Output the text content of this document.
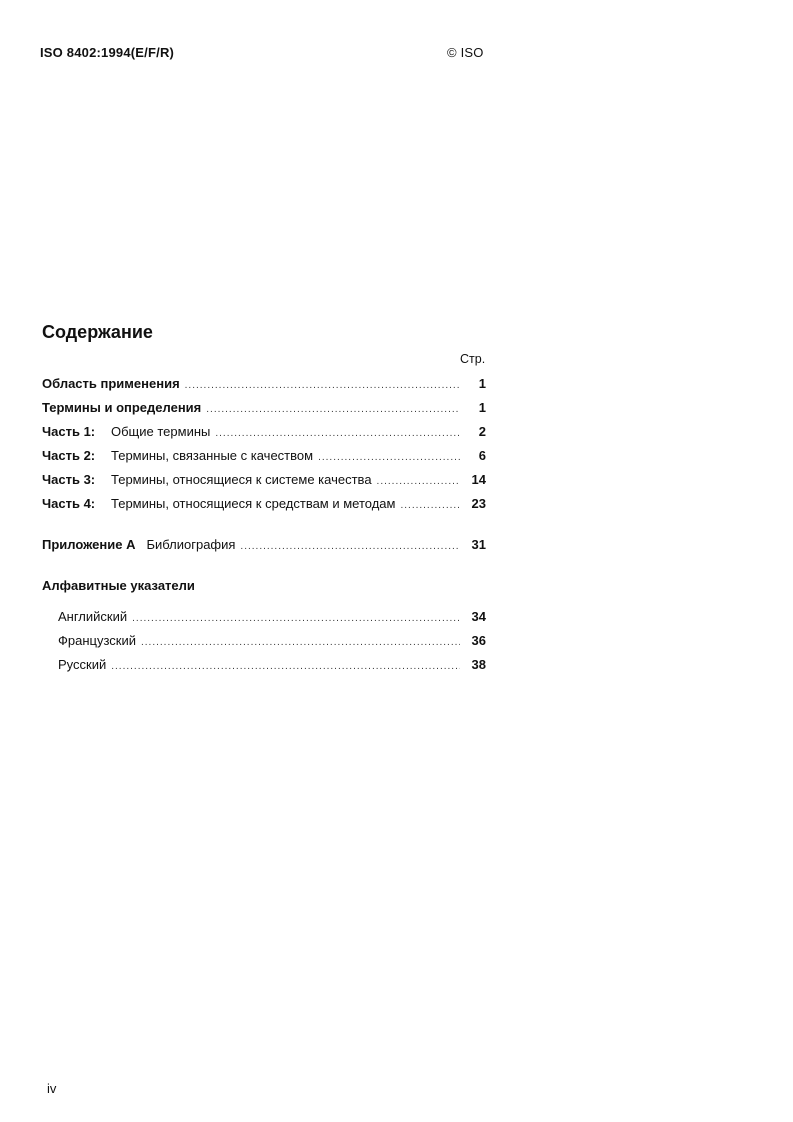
ISO 8402:1994(E/F/R)	© ISO
Содержание
Стр.
Область применения .....	1
Термины и определения .....	1
Часть 1:	Общие термины .....	2
Часть 2:	Термины, связанные с качеством .....	6
Часть 3:	Термины, относящиеся к системе качества .....	14
Часть 4:	Термины, относящиеся к средствам и методам .....	23
Приложение А Библиография .....	31
Алфавитные указатели
Английский .....	34
Французский .....	36
Русский .....	38
iv
